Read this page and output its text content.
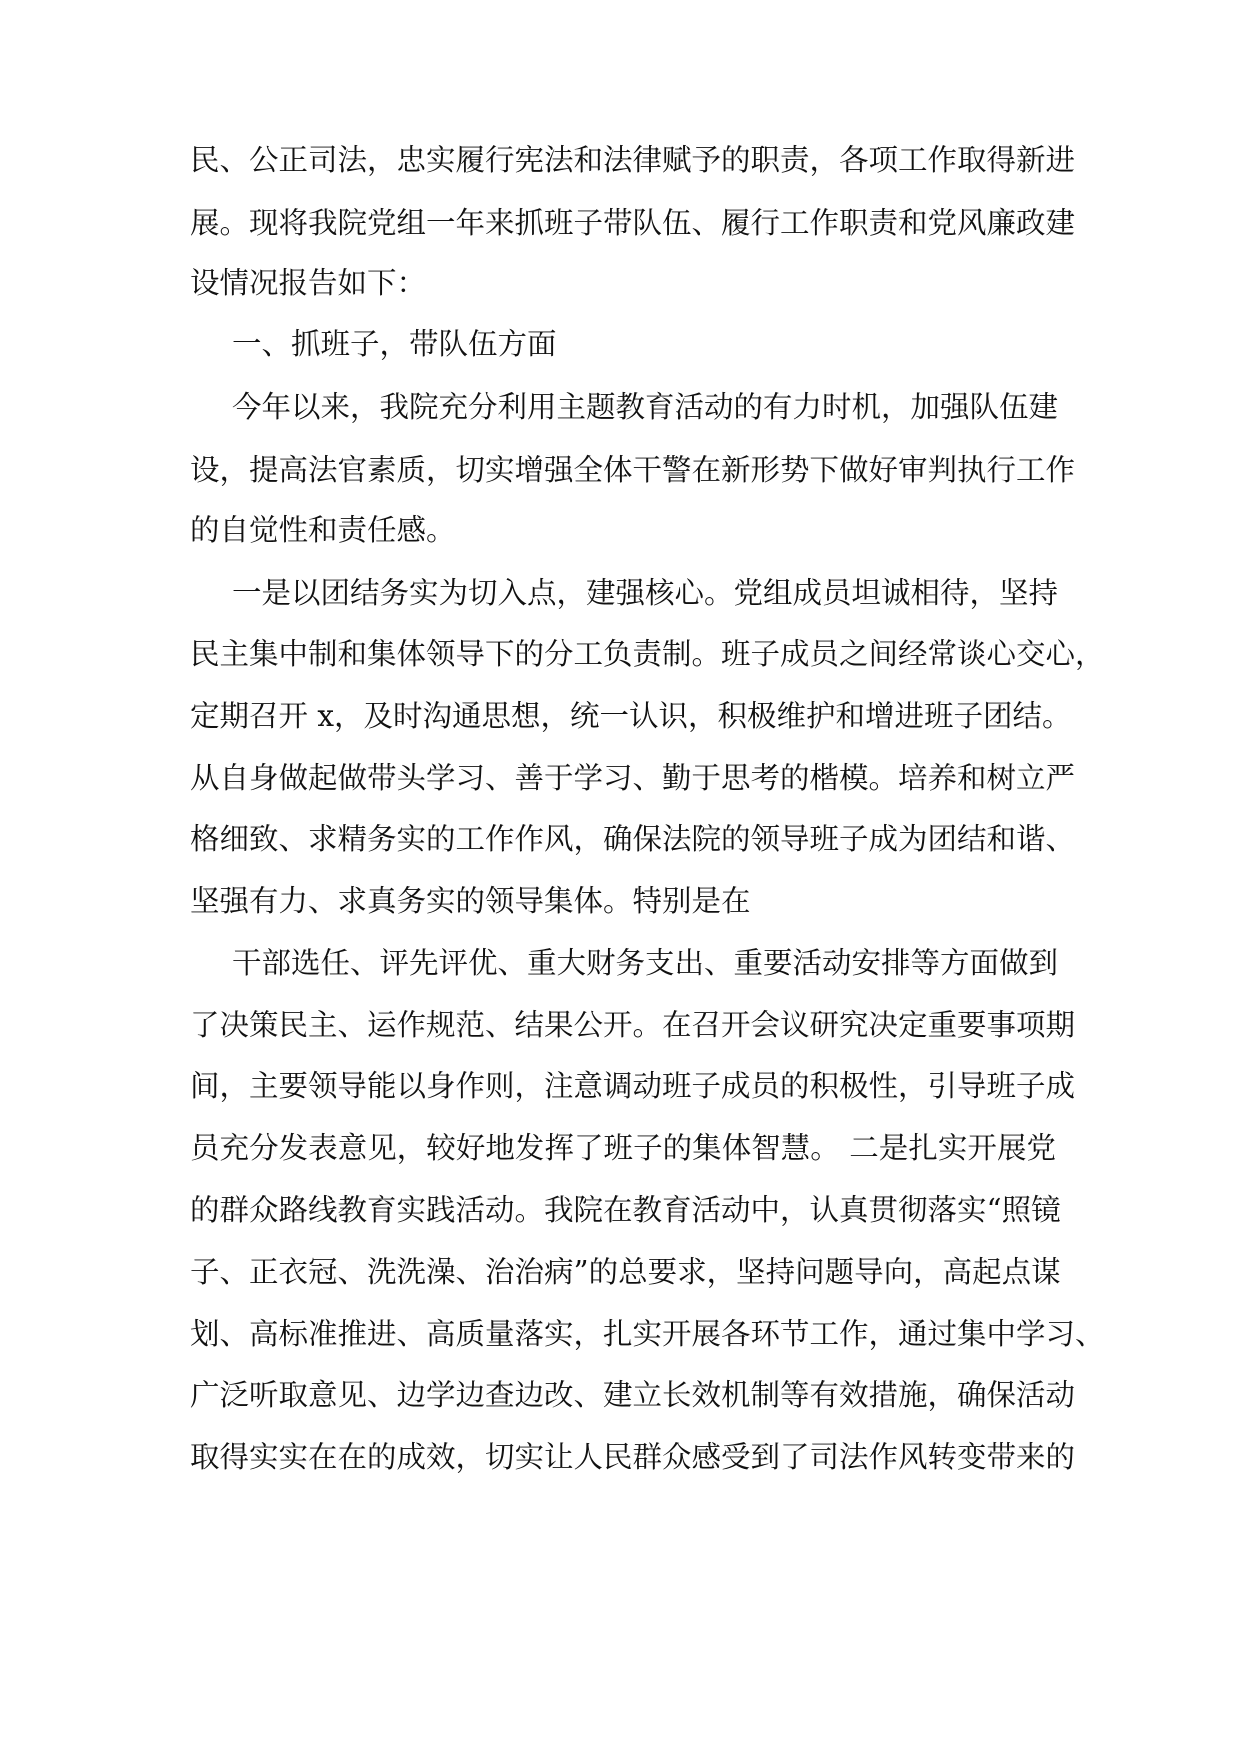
民、公正司法，忠实履行宪法和法律赋予的职责，各项工作取得新进
展。现将我院党组一年来抓班子带队伍、履行工作职责和党风廉政建
设情况报告如下：
一、抓班子，带队伍方面
今年以来，我院充分利用主题教育活动的有力时机，加强队伍建
设，提高法官素质，切实增强全体干警在新形势下做好审判执行工作
的自觉性和责任感。
一是以团结务实为切入点，建强核心。党组成员坦诚相待，坚持
民主集中制和集体领导下的分工负责制。班子成员之间经常谈心交心，
定期召开 x，及时沟通思想，统一认识，积极维护和增进班子团结。
从自身做起做带头学习、善于学习、勤于思考的楷模。培养和树立严
格细致、求精务实的工作作风，确保法院的领导班子成为团结和谐、
坚强有力、求真务实的领导集体。特别是在
干部选任、评先评优、重大财务支出、重要活动安排等方面做到
了决策民主、运作规范、结果公开。在召开会议研究决定重要事项期
间，主要领导能以身作则，注意调动班子成员的积极性，引导班子成
员充分发表意见，较好地发挥了班子的集体智慧。 二是扎实开展党
的群众路线教育实践活动。我院在教育活动中，认真贯彻落实“照镜
子、正衣冠、洗洗澡、治治病”的总要求，坚持问题导向，高起点谋
划、高标准推进、高质量落实，扎实开展各环节工作，通过集中学习、
广泛听取意见、边学边查边改、建立长效机制等有效措施，确保活动
取得实实在在的成效，切实让人民群众感受到了司法作风转变带来的
